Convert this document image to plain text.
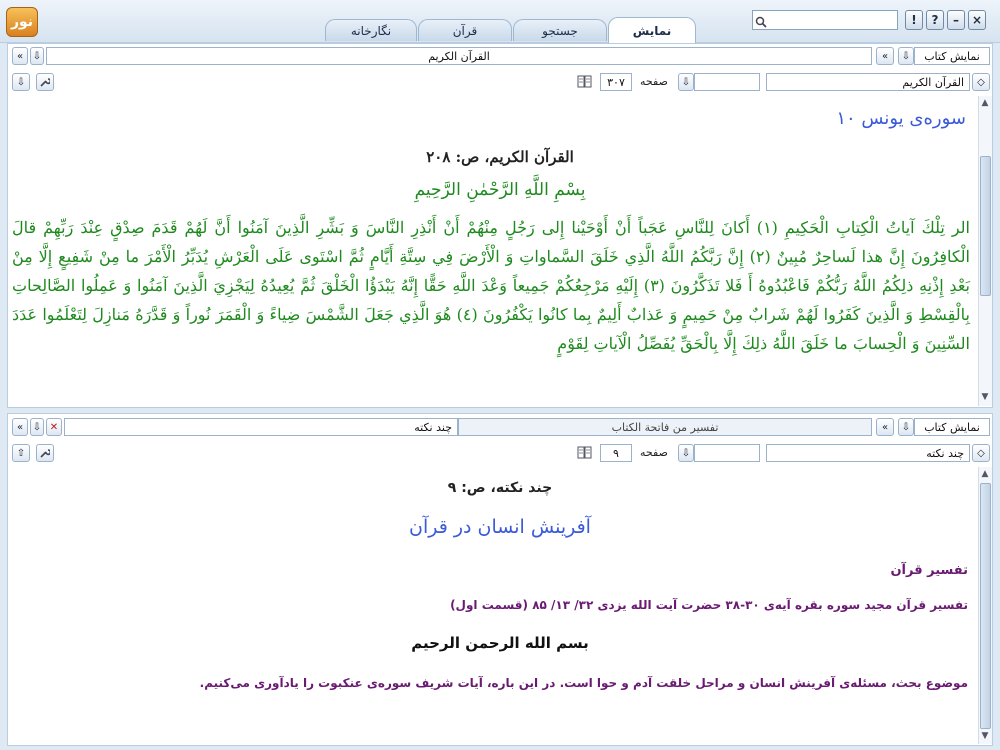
نور
نگارخانه	قرآن	جستجو	نمایش
!	?	–	×
« ⇩	القرآن الکریم	«	⇩	نمایش کتاب
⇩	۳۰۷	صفحه	⇩	القرآن الکریم	◇
سوره‌ی یونس ۱۰
القرآن الکریم، ص: ۲۰۸
بِسْمِ اللَّهِ الرَّحْمٰنِ الرَّحِيمِ
الر تِلْكَ آياتُ الْكِتابِ الْحَكِيمِ (١) أَكانَ لِلنَّاسِ عَجَباً أَنْ أَوْحَيْنا إِلى رَجُلٍ مِنْهُمْ أَنْ أَنْذِرِ النَّاسَ وَ بَشِّرِ الَّذِينَ آمَنُوا أَنَّ لَهُمْ قَدَمَ صِدْقٍ عِنْدَ رَبِّهِمْ قالَ الْكافِرُونَ إِنَّ هذا لَساحِرٌ مُبِينٌ (٢) إِنَّ رَبَّكُمُ اللَّهُ الَّذِي خَلَقَ السَّماواتِ وَ الْأَرْضَ فِي سِتَّةِ أَيَّامٍ ثُمَّ اسْتَوى عَلَى الْعَرْشِ يُدَبِّرُ الْأَمْرَ ما مِنْ شَفِيعٍ إِلَّا مِنْ بَعْدِ إِذْنِهِ ذلِكُمُ اللَّهُ رَبُّكُمْ فَاعْبُدُوهُ أَ فَلا تَذَكَّرُونَ (٣) إِلَيْهِ مَرْجِعُكُمْ جَمِيعاً وَعْدَ اللَّهِ حَقًّا إِنَّهُ يَبْدَؤُا الْخَلْقَ ثُمَّ يُعِيدُهُ لِيَجْزِيَ الَّذِينَ آمَنُوا وَ عَمِلُوا الصَّالِحاتِ بِالْقِسْطِ وَ الَّذِينَ كَفَرُوا لَهُمْ شَرابٌ مِنْ حَمِيمٍ وَ عَذابٌ أَلِيمٌ بِما كانُوا يَكْفُرُونَ (٤) هُوَ الَّذِي جَعَلَ الشَّمْسَ ضِياءً وَ الْقَمَرَ نُوراً وَ قَدَّرَهُ مَنازِلَ لِتَعْلَمُوا عَدَدَ السِّنِينَ وَ الْحِسابَ ما خَلَقَ اللَّهُ ذلِكَ إِلَّا بِالْحَقِّ يُفَصِّلُ الْآياتِ لِقَوْمٍ
▲
▼
« ⇩ ✕	چند نکته	تفسیر من فاتحة الکتاب	«	⇩	نمایش کتاب
⇧	۹	صفحه	⇩	چند نکته	◇
چند نکته، ص: ۹
آفرینش انسان در قرآن
تفسیر قرآن
تفسیر قرآن مجید سوره بقره آیه‌ی ۳۰-۳۸ حضرت آیت الله یزدی ۳۲/ ۱۳/ ۸۵ (قسمت اول)
بسم الله الرحمن الرحیم
موضوع بحث، مسئله‌ی آفرینش انسان و مراحل خلقت آدم و حوا است. در این باره، آیات شریف سوره‌ی عنکبوت را یادآوری می‌کنیم.
▲
▼
